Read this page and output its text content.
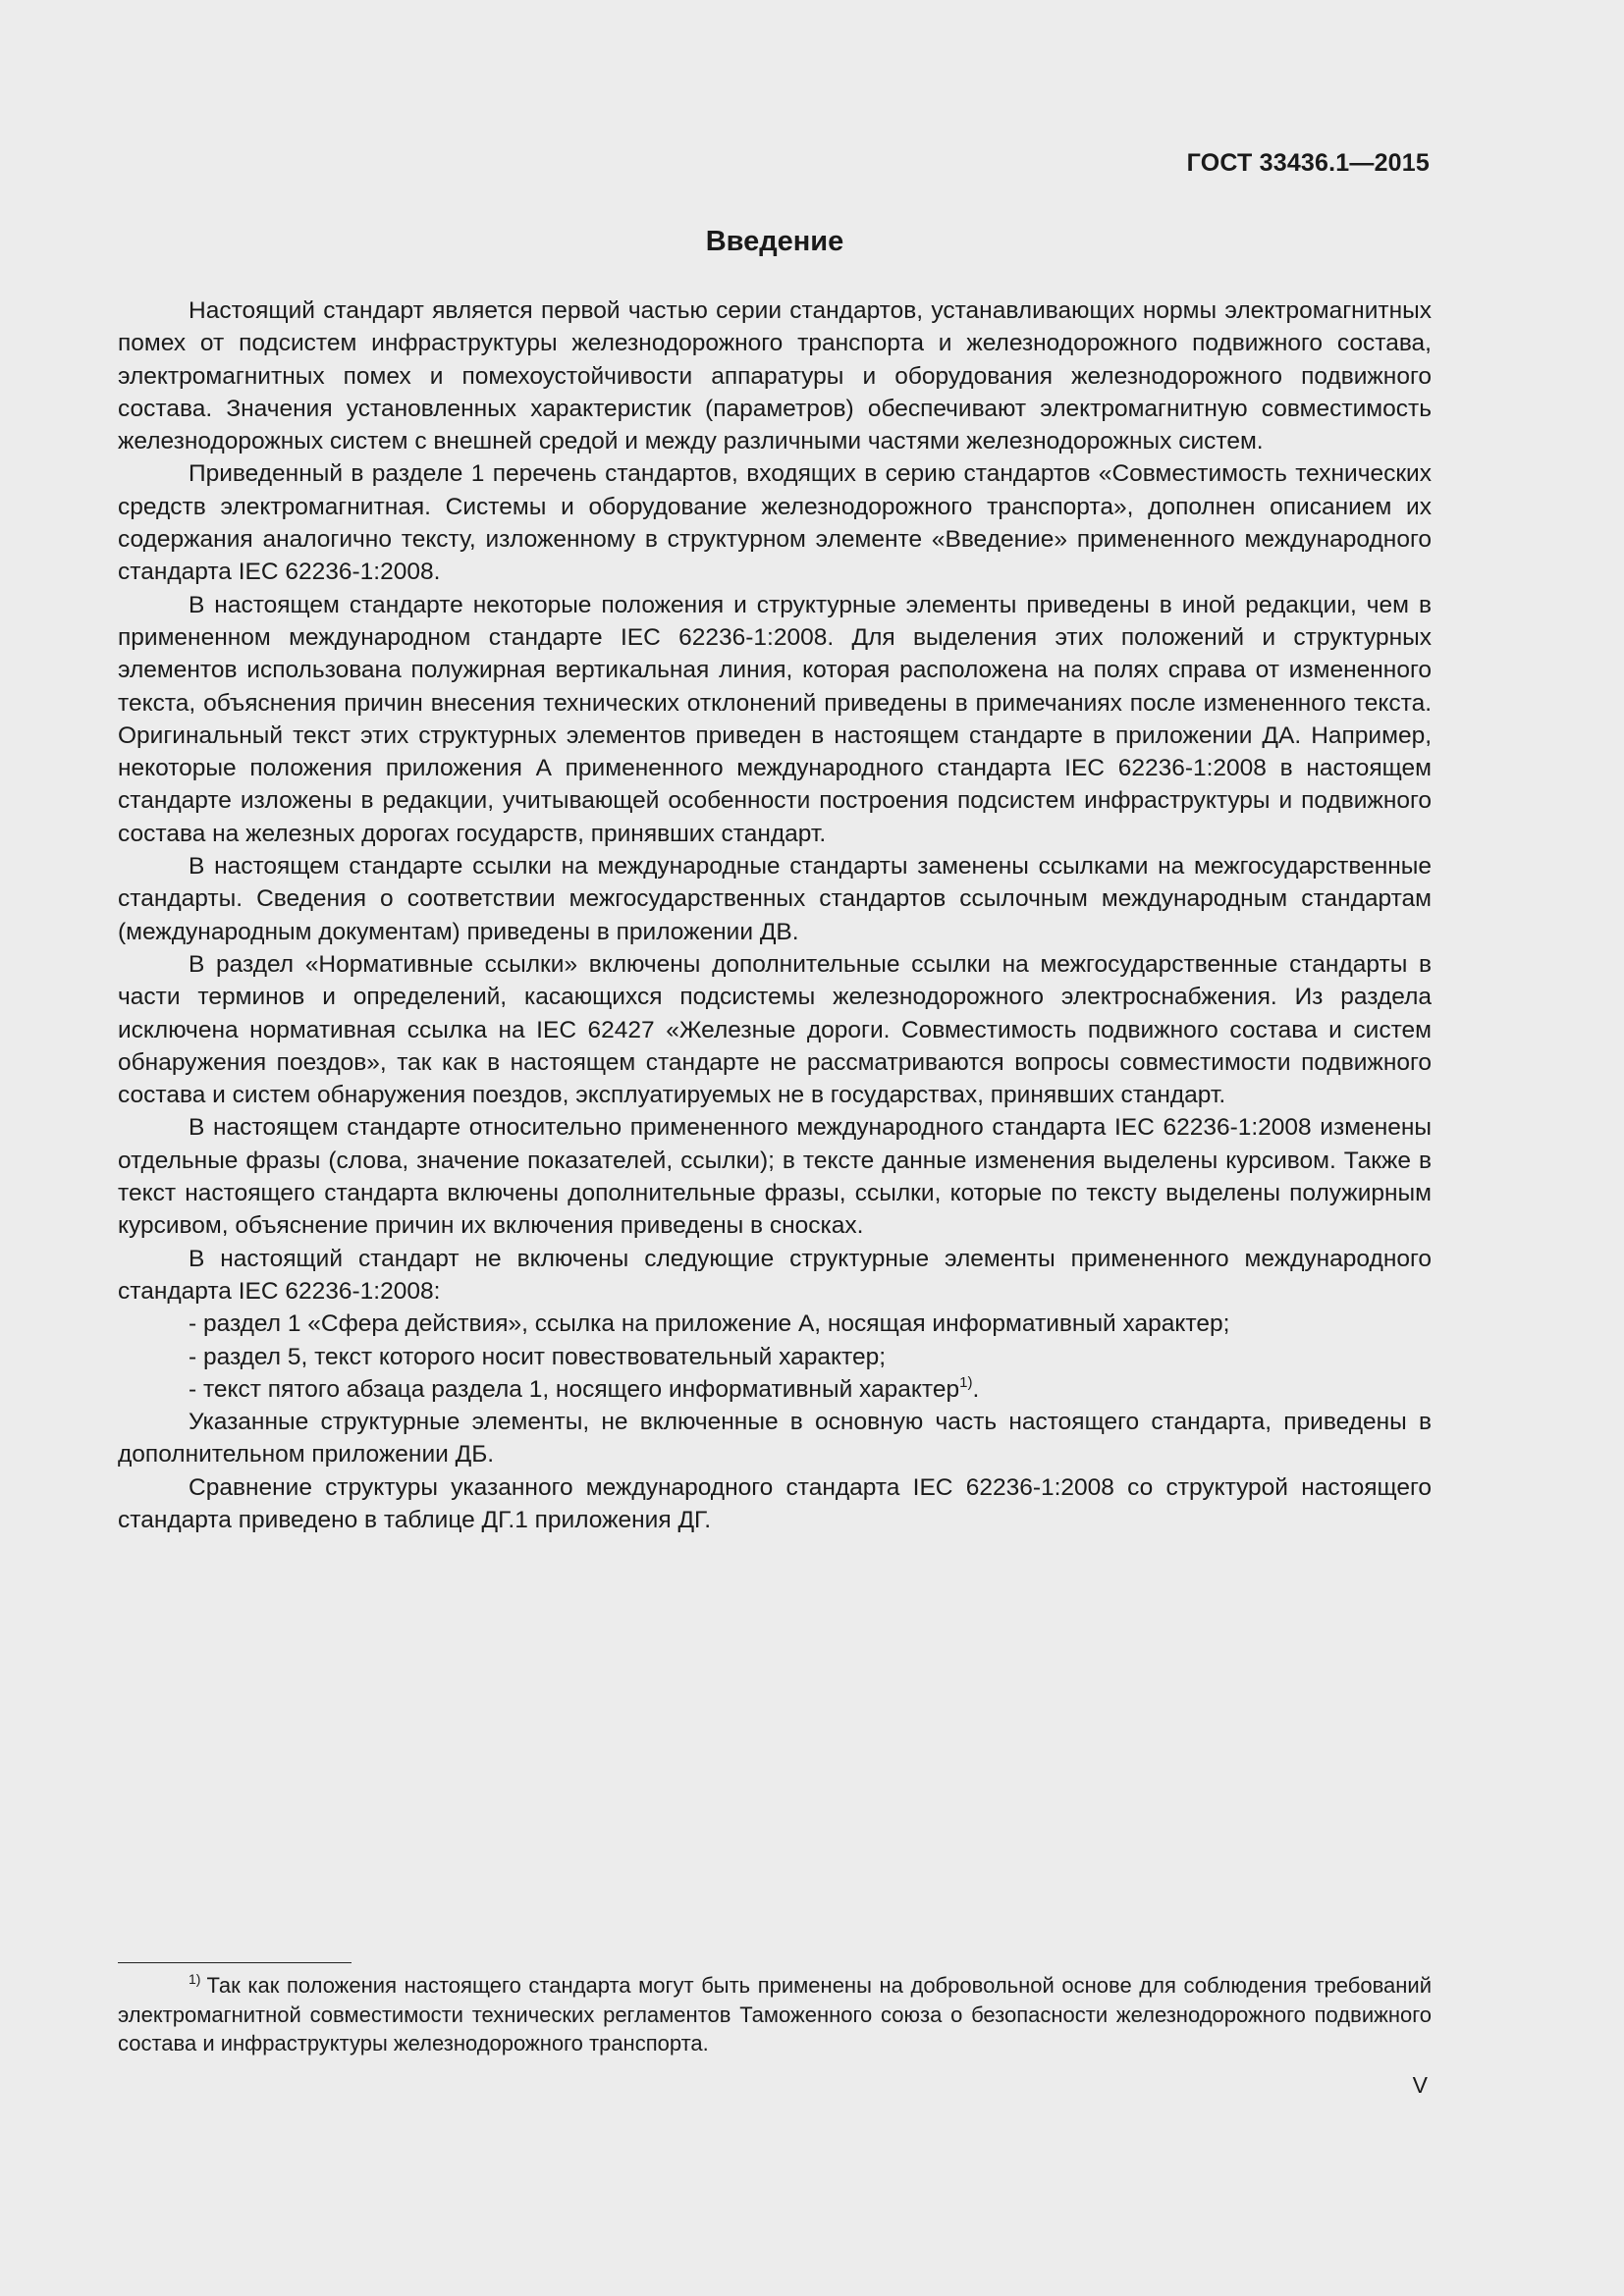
ГОСТ 33436.1—2015
Введение

Настоящий стандарт является первой частью серии стандартов, устанавливающих нормы электромагнитных помех от подсистем инфраструктуры железнодорожного транспорта и железнодорожного подвижного состава, электромагнитных помех и помехоустойчивости аппаратуры и оборудования железнодорожного подвижного состава. Значения установленных характеристик (параметров) обеспечивают электромагнитную совместимость железнодорожных систем с внешней средой и между различными частями железнодорожных систем.

Приведенный в разделе 1 перечень стандартов, входящих в серию стандартов «Совместимость технических средств электромагнитная. Системы и оборудование железнодорожного транспорта», дополнен описанием их содержания аналогично тексту, изложенному в структурном элементе «Введение» примененного международного стандарта IEC 62236-1:2008.

В настоящем стандарте некоторые положения и структурные элементы приведены в иной редакции, чем в примененном международном стандарте IEC 62236-1:2008. Для выделения этих положений и структурных элементов использована полужирная вертикальная линия, которая расположена на полях справа от измененного текста, объяснения причин внесения технических отклонений приведены в примечаниях после измененного текста. Оригинальный текст этих структурных элементов приведен в настоящем стандарте в приложении ДА. Например, некоторые положения приложения А примененного международного стандарта IEC 62236-1:2008 в настоящем стандарте изложены в редакции, учитывающей особенности построения подсистем инфраструктуры и подвижного состава на железных дорогах государств, принявших стандарт.

В настоящем стандарте ссылки на международные стандарты заменены ссылками на межгосударственные стандарты. Сведения о соответствии межгосударственных стандартов ссылочным международным стандартам (международным документам) приведены в приложении ДВ.

В раздел «Нормативные ссылки» включены дополнительные ссылки на межгосударственные стандарты в части терминов и определений, касающихся подсистемы железнодорожного электроснабжения. Из раздела исключена нормативная ссылка на IEC 62427 «Железные дороги. Совместимость подвижного состава и систем обнаружения поездов», так как в настоящем стандарте не рассматриваются вопросы совместимости подвижного состава и систем обнаружения поездов, эксплуатируемых не в государствах, принявших стандарт.

В настоящем стандарте относительно примененного международного стандарта IEC 62236-1:2008 изменены отдельные фразы (слова, значение показателей, ссылки); в тексте данные изменения выделены курсивом. Также в текст настоящего стандарта включены дополнительные фразы, ссылки, которые по тексту выделены полужирным курсивом, объяснение причин их включения приведены в сносках.

В настоящий стандарт не включены следующие структурные элементы примененного международного стандарта IEC 62236-1:2008:

- раздел 1 «Сфера действия», ссылка на приложение А, носящая информативный характер;
- раздел 5, текст которого носит повествовательный характер;
- текст пятого абзаца раздела 1, носящего информативный характер$^{1)}$.

Указанные структурные элементы, не включенные в основную часть настоящего стандарта, приведены в дополнительном приложении ДБ.

Сравнение структуры указанного международного стандарта IEC 62236-1:2008 со структурой настоящего стандарта приведено в таблице ДГ.1 приложения ДГ.

$^{1)}$ Так как положения настоящего стандарта могут быть применены на добровольной основе для соблюдения требований электромагнитной совместимости технических регламентов Таможенного союза о безопасности железнодорожного подвижного состава и инфраструктуры железнодорожного транспорта.
V
